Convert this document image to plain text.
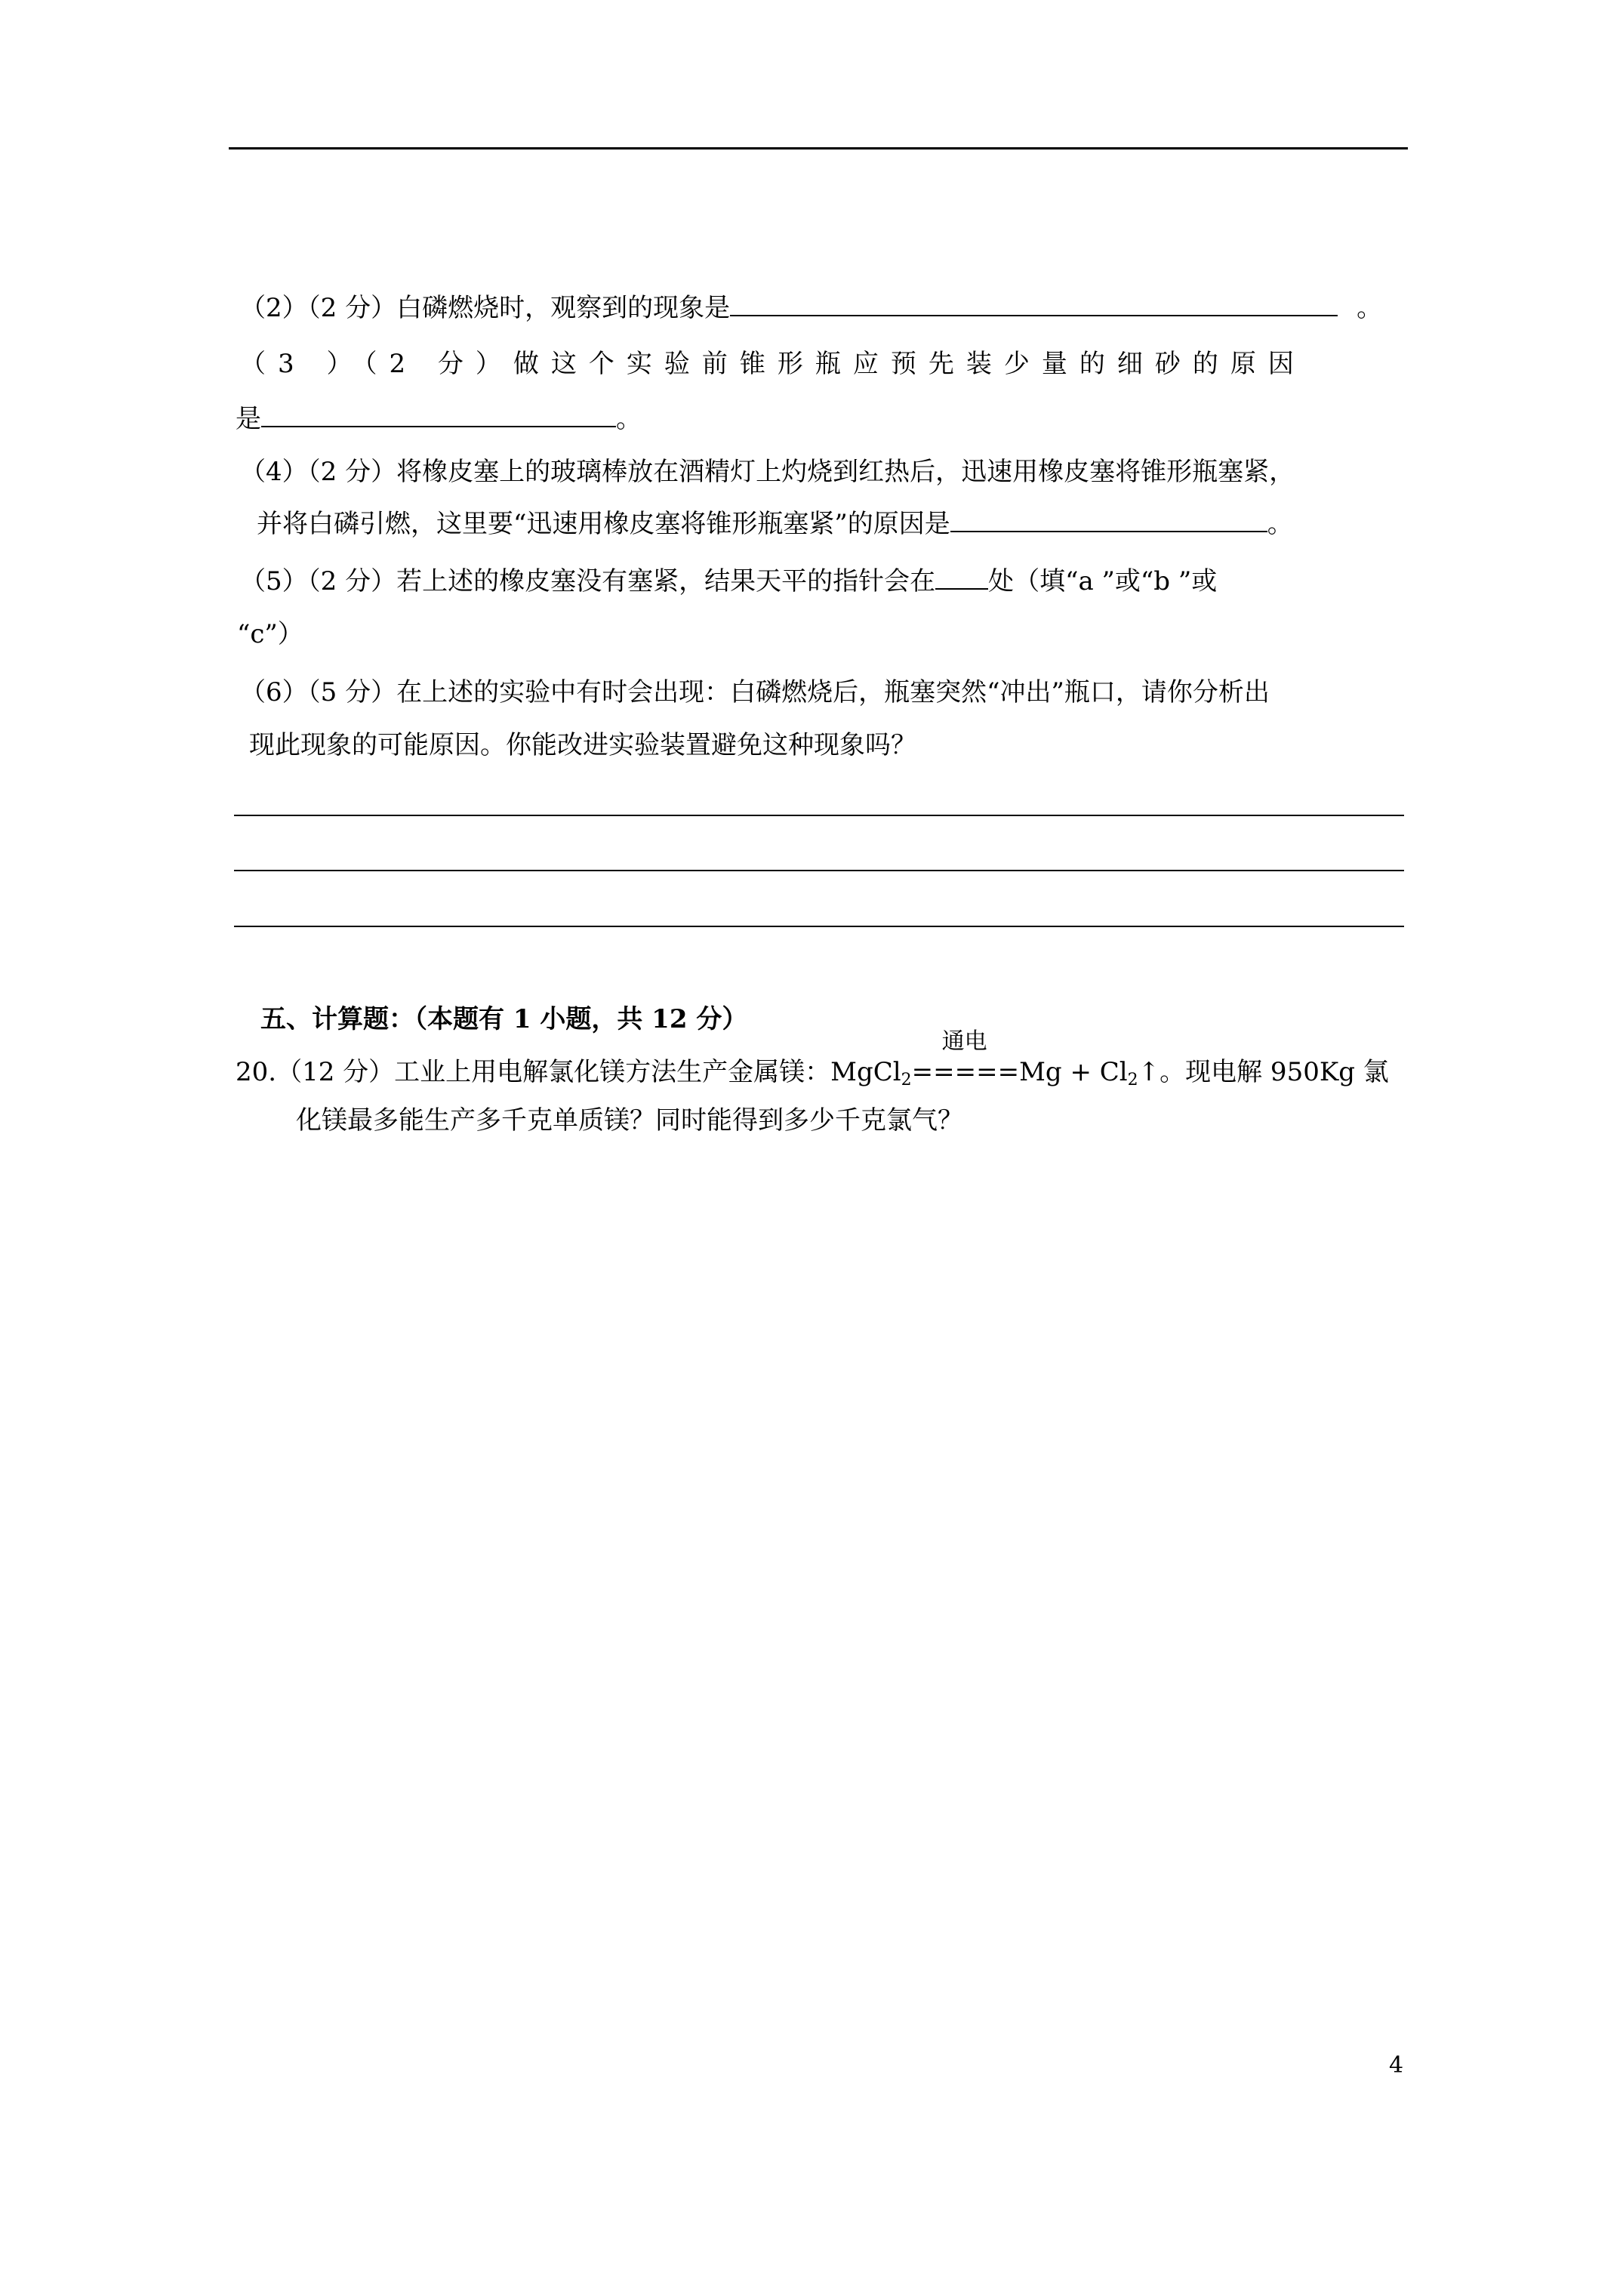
（2）（2 分）白磷燃烧时，观察到的现象是	。
（3 ）（2 分）做这个实验前锥形瓶应预先装少量的细砂的原因
是	。
（4）（2 分）将橡皮塞上的玻璃棒放在酒精灯上灼烧到红热后，迅速用橡皮塞将锥形瓶塞紧，
并将白磷引燃，这里要“迅速用橡皮塞将锥形瓶塞紧”的原因是	。
（5）（2 分）若上述的橡皮塞没有塞紧，结果天平的指针会在 处（填“a ”或“b ”或
“c”）
（6）（5 分）在上述的实验中有时会出现：白磷燃烧后，瓶塞突然“冲出”瓶口，请你分析出
现此现象的可能原因。你能改进实验装置避免这种现象吗？
五、计算题：（本题有 1 小题，共 12 分）
20.（12 分）工业上用电解氯化镁方法生产金属镁：MgCl$_2$
通电
$=====Mg + Cl_2↑$。现电解 950Kg 氯
化镁最多能生产多千克单质镁？同时能得到多少千克氯气？
4
